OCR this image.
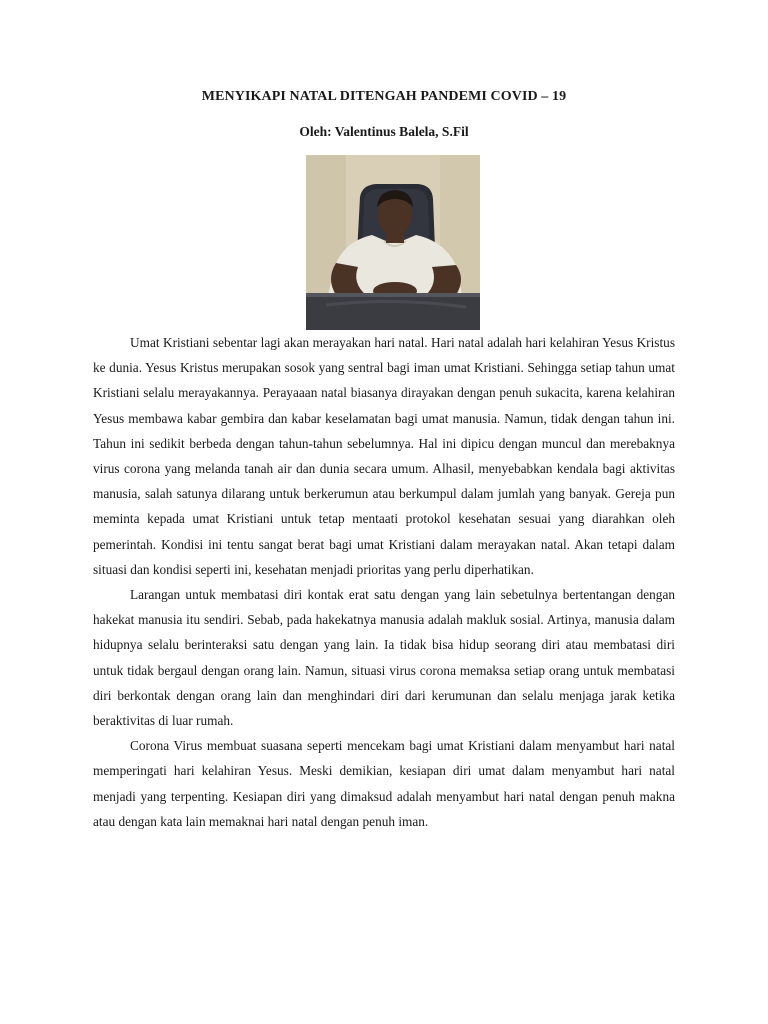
MENYIKAPI NATAL DITENGAH PANDEMI COVID – 19
Oleh: Valentinus Balela, S.Fil

Umat Kristiani sebentar lagi akan merayakan hari natal. Hari natal adalah hari kelahiran Yesus Kristus ke dunia. Yesus Kristus merupakan sosok yang sentral bagi iman umat Kristiani. Sehingga setiap tahun umat Kristiani selalu merayakannya. Perayaaan natal biasanya dirayakan dengan penuh sukacita, karena kelahiran Yesus membawa kabar gembira dan kabar keselamatan bagi umat manusia. Namun, tidak dengan tahun ini. Tahun ini sedikit berbeda dengan tahun-tahun sebelumnya. Hal ini dipicu dengan muncul dan merebaknya virus corona yang melanda tanah air dan dunia secara umum. Alhasil, menyebabkan kendala bagi aktivitas manusia, salah satunya dilarang untuk berkerumun atau berkumpul dalam jumlah yang banyak. Gereja pun meminta kepada umat Kristiani untuk tetap mentaati protokol kesehatan sesuai yang diarahkan oleh pemerintah. Kondisi ini tentu sangat berat bagi umat Kristiani dalam merayakan natal. Akan tetapi dalam situasi dan kondisi seperti ini, kesehatan menjadi prioritas yang perlu diperhatikan.

Larangan untuk membatasi diri kontak erat satu dengan yang lain sebetulnya bertentangan dengan hakekat manusia itu sendiri. Sebab, pada hakekatnya manusia adalah makluk sosial. Artinya, manusia dalam hidupnya selalu berinteraksi satu dengan yang lain. Ia tidak bisa hidup seorang diri atau membatasi diri untuk tidak bergaul dengan orang lain. Namun, situasi virus corona memaksa setiap orang untuk membatasi diri berkontak dengan orang lain dan menghindari diri dari kerumunan dan selalu menjaga jarak ketika beraktivitas di luar rumah.

Corona Virus membuat suasana seperti mencekam bagi umat Kristiani dalam menyambut hari natal memperingati hari kelahiran Yesus. Meski demikian, kesiapan diri umat dalam menyambut hari natal menjadi yang terpenting. Kesiapan diri yang dimaksud adalah menyambut hari natal dengan penuh makna atau dengan kata lain memaknai hari natal dengan penuh iman.
